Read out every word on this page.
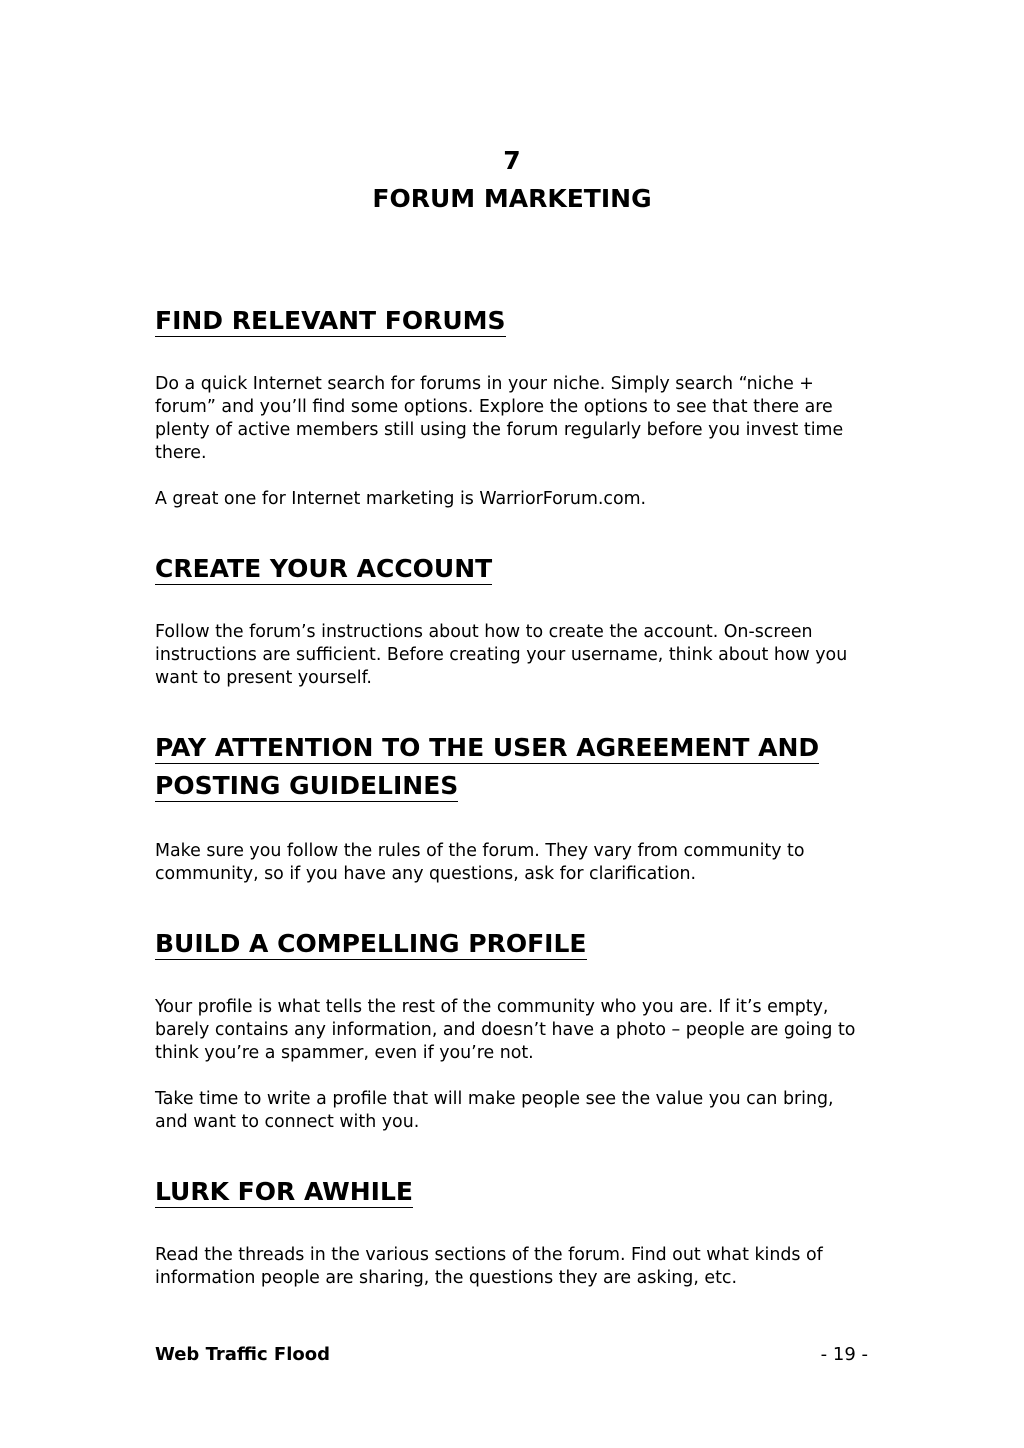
7
FORUM MARKETING
FIND RELEVANT FORUMS

Do a quick Internet search for forums in your niche. Simply search “niche + forum” and you’ll find some options. Explore the options to see that there are plenty of active members still using the forum regularly before you invest time there.

A great one for Internet marketing is WarriorForum.com.

CREATE YOUR ACCOUNT

Follow the forum’s instructions about how to create the account. On-screen instructions are sufficient. Before creating your username, think about how you want to present yourself.

PAY ATTENTION TO THE USER AGREEMENT AND POSTING GUIDELINES

Make sure you follow the rules of the forum. They vary from community to community, so if you have any questions, ask for clarification.

BUILD A COMPELLING PROFILE

Your profile is what tells the rest of the community who you are. If it’s empty, barely contains any information, and doesn’t have a photo – people are going to think you’re a spammer, even if you’re not.

Take time to write a profile that will make people see the value you can bring, and want to connect with you.

LURK FOR AWHILE

Read the threads in the various sections of the forum. Find out what kinds of information people are sharing, the questions they are asking, etc.

Web Traffic Flood	- 19 -
